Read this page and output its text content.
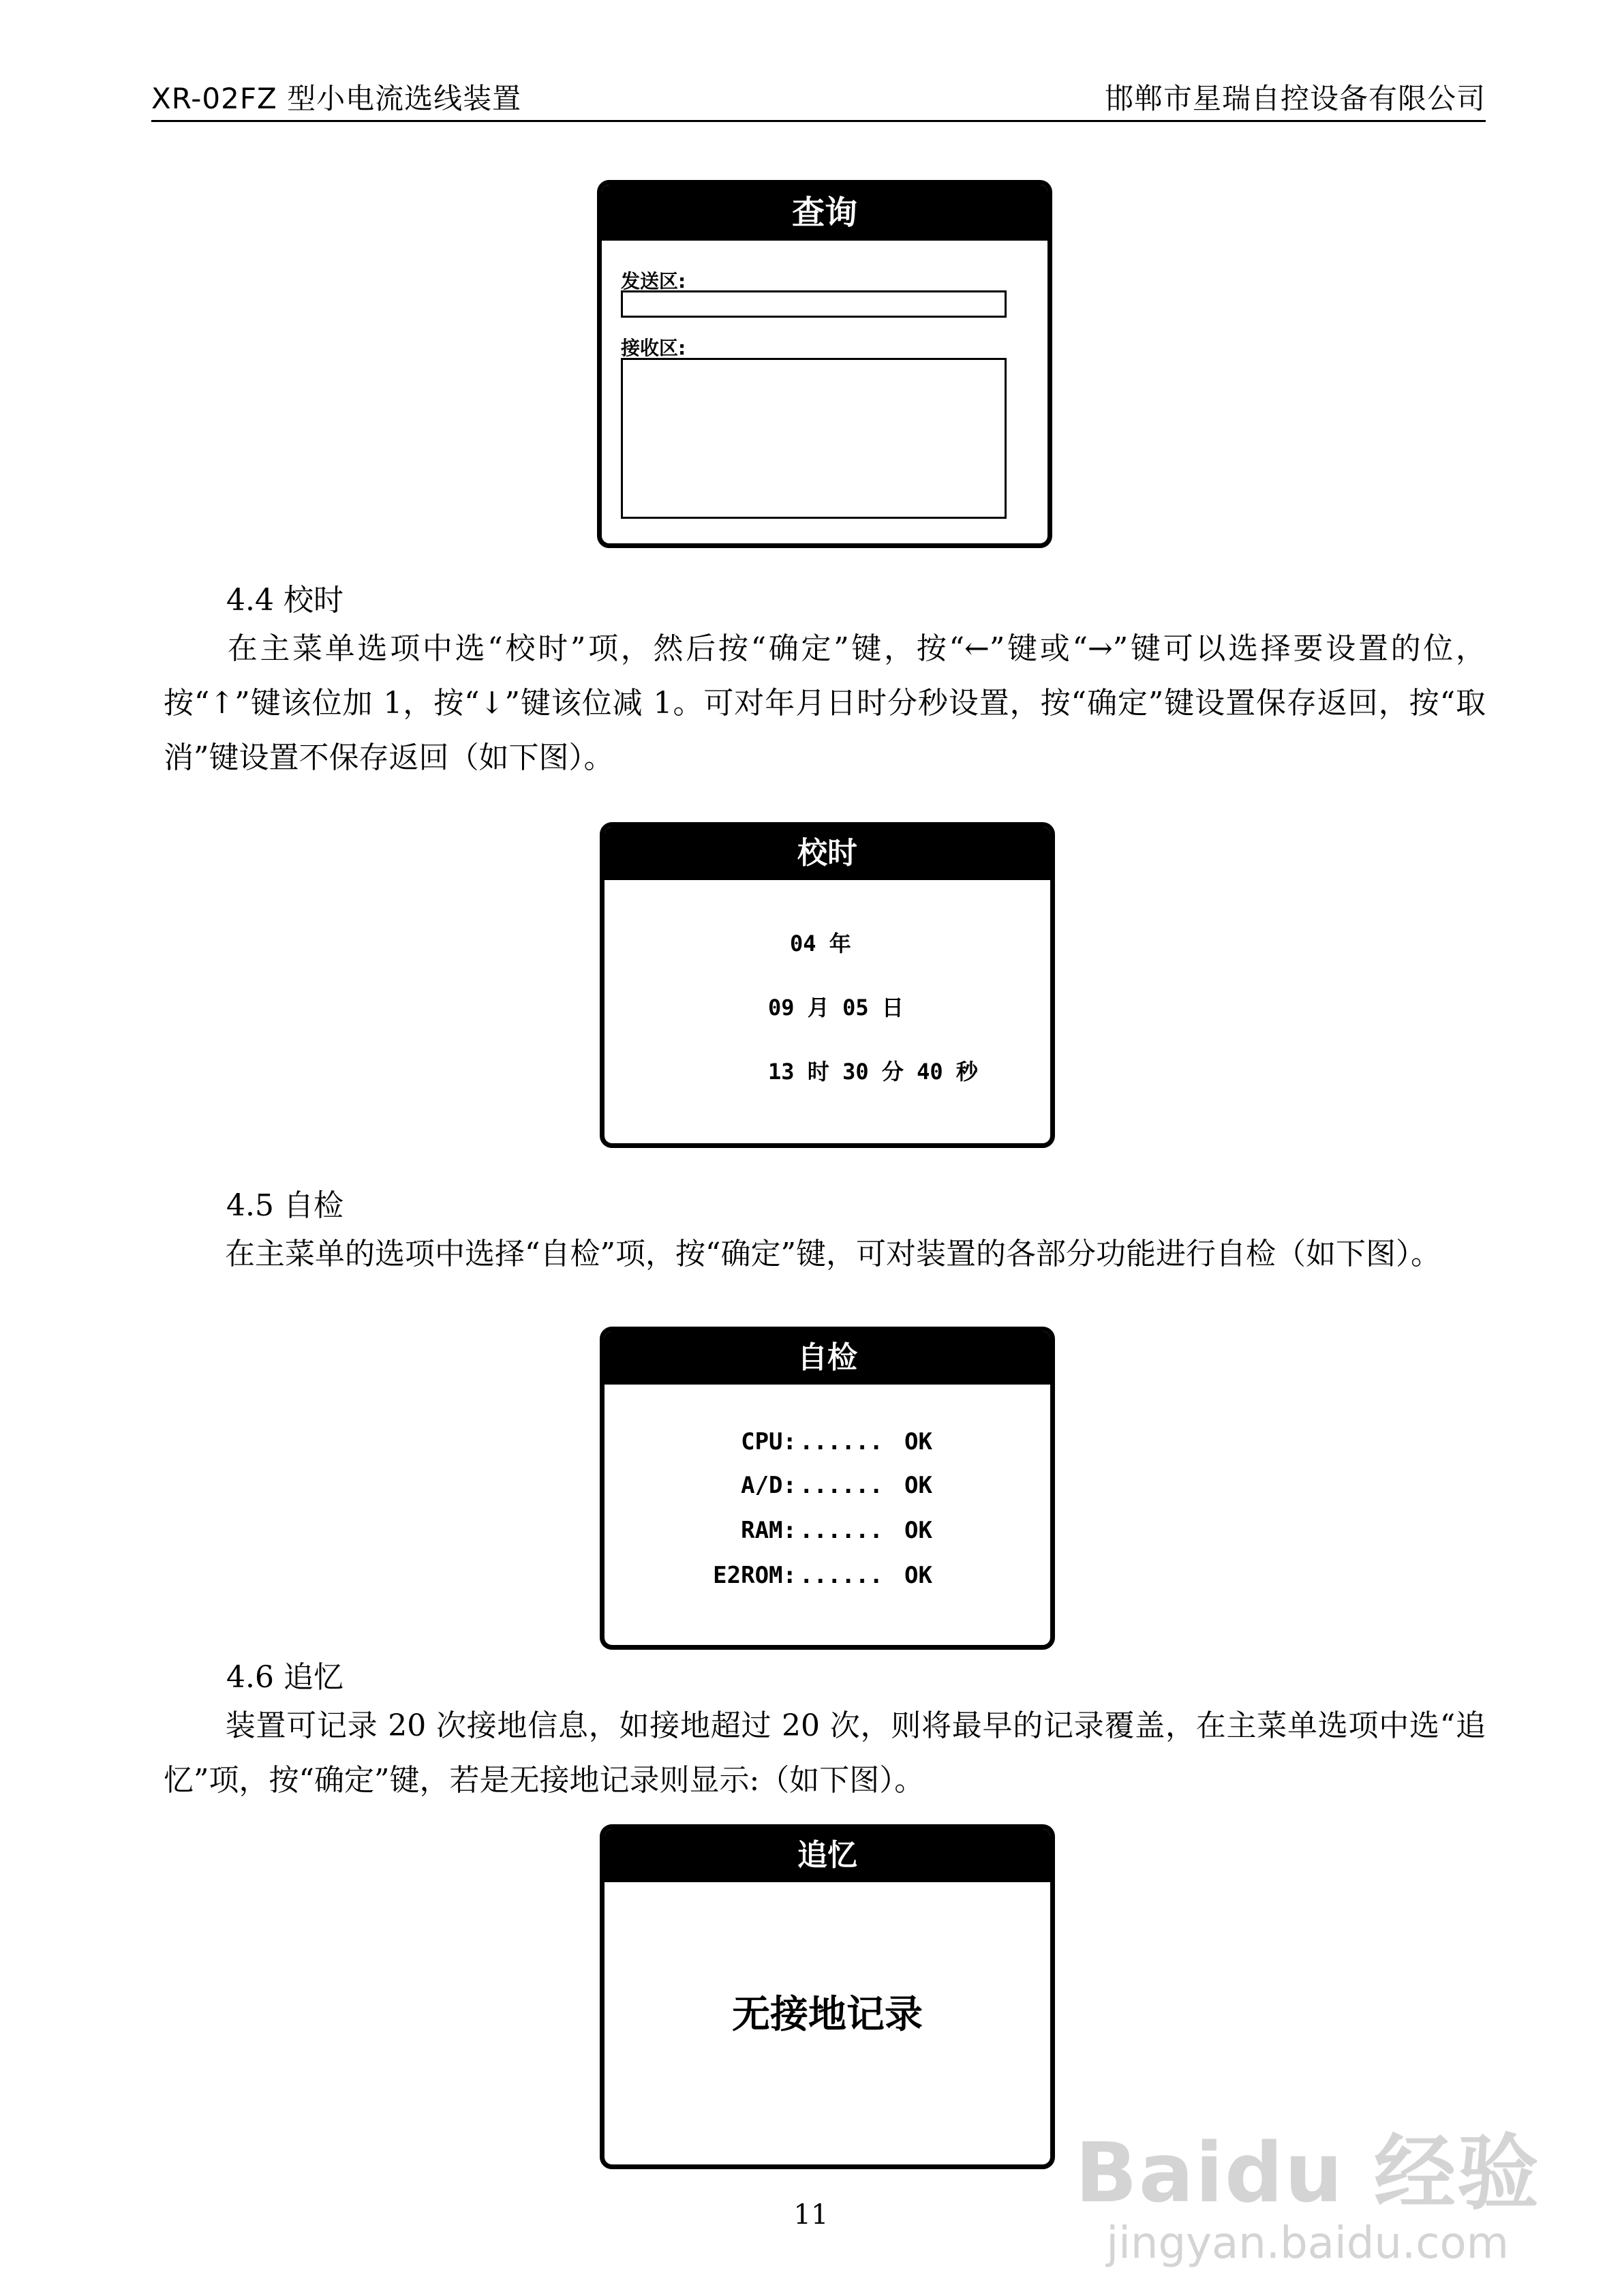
XR-02FZ 型小电流选线装置	邯郸市星瑞自控设备有限公司
查询
发送区:
接收区:
4.4 校时
在主菜单选项中选“校时”项，然后按“确定”键，按“←”键或“→”键可以选择要设置的位，按“↑”键该位加 1，按“↓”键该位减 1。可对年月日时分秒设置，按“确定”键设置保存返回，按“取消”键设置不保存返回（如下图）。
校时
04 年
09 月 05 日
13 时 30 分 40 秒
4.5 自检
在主菜单的选项中选择“自检”项，按“确定”键，可对装置的各部分功能进行自检（如下图）。
自检
CPU: ...... OK
A/D: ...... OK
RAM: ...... OK
E2ROM: ...... OK
4.6 追忆
装置可记录 20 次接地信息，如接地超过 20 次，则将最早的记录覆盖，在主菜单选项中选“追忆”项，按“确定”键，若是无接地记录则显示:（如下图）。
追忆
无接地记录
11	Baidu 经验
jingyan.baidu.com
